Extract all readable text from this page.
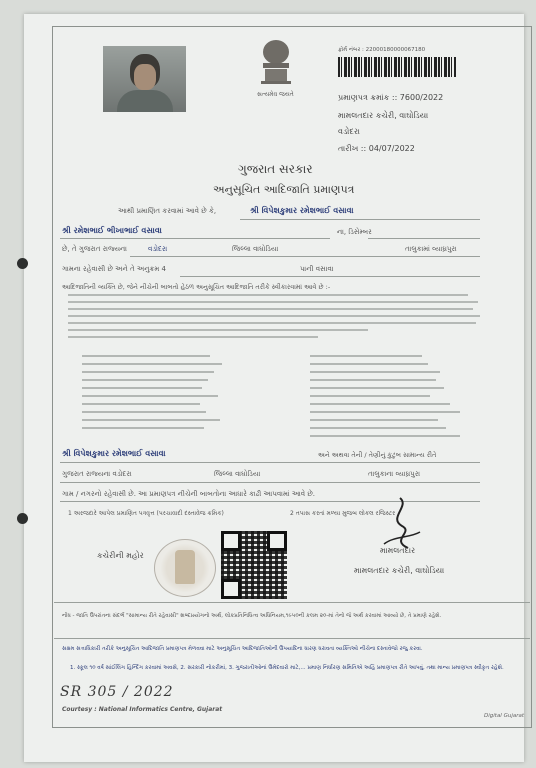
સત્યમેવ જયતે
ફોર્મ નંબર : 22000180000067180
પ્રમાણપત્ર ક્રમાંક :: 7600/2022
મામલતદાર કચેરી, વાઘોડિયા
વડોદરા
તારીખ :: 04/07/2022
ગુજરાત સરકાર
અનુસૂચિત આદિજાતિ પ્રમાણપત્ર
આથી પ્રમાણિત કરવામાં આવે છે કે,	શ્રી વિપેશકુમાર રમેશભાઈ વસાવા
શ્રી રમેશભાઈ ભીખાભાઈ વસાવા	ના, ડિસેમ્બર
છે, તે ગુજરાત રાજ્યના	વડોદરા	જિલ્લા વાઘોડિયા	તાલુકામાં વ્યાઘ્રપુરા
ગામના રહેવાસી છે અને તે અનુક્રમ 4	પાની વસાવા
આદિજાતિની વ્યક્તિ છે, જેને નીચેની બાબતો હેઠળ અનુસૂચિત આદિજાતિ તરીકે સ્વીકારવામાં આવે છે :-
શ્રી વિપેશકુમાર રમેશભાઈ વસાવા	અને અથવા તેની / તેણીનું કુટુંબ સામાન્ય રીતે
ગુજરાત રાજ્યના વડોદરા	જિલ્લા વાઘોડિયા	તાલુકાના વ્યાઘ્રપુરા
ગામ / નગરનો રહેવાસી છે. આ પ્રમાણપત્ર નીચેની બાબતોના આધારે કાઢી આપવામાં આવે છે.
1 અરજદારે આપેલ પ્રમાણિત પત્રવૃત્ત (પરચાવાદી દસ્તાવેજ ક્રમિક)	2 તપાસ કરતાં મળ્યા મુજબ લોકલ રજિસ્ટર
કચેરીની મહોર
મામલતદાર
મામલતદાર કચેરી, વાઘોડિયા
નોંધ - જાતિ ઉપરાંતના સંદર્ભ "સામાન્ય રીતે રહેવાસી" શબ્દપ્રયોગનો અર્થ, લોકપ્રતિનિધિત્વ અધિનિયમ,૧૯૫૦ની કલમ ૨૦-માં તેનો જે અર્થ કરવામાં આવ્યો છે, તે પ્રમાણે રહેશે.
સક્ષમ સત્તાધિકારી તરીકે અનુસૂચિત આદિજાતિ પ્રમાણપત્ર મેળવવા માટે અનુસૂચિત આદિજાતિઓની ઉપયાદિના ધારણ ધરાવતા વ્યક્તિઓ નીચેના દસ્તાવેજો રજુ કરવા.
1. સ્કૂલ ૧૦ વર્ષ સાંઈલિંગ હિન્દિંગ કરવામાં અવસે, 2. સરકારી નોકરીમાં, 3. ગુજરાતીઓનાં ઉમેદવારો માટે,... પ્રમાણ નિર્ધારણ સમિતિએ અહિં પ્રમાણપત્ર રીતે આપવું, તથા માન્ય પ્રમાણપત્ર સ્વીકૃત રહેશે.
SR 305 / 2022
Courtesy : National Informatics Centre, Gujarat
Digital Gujarat
